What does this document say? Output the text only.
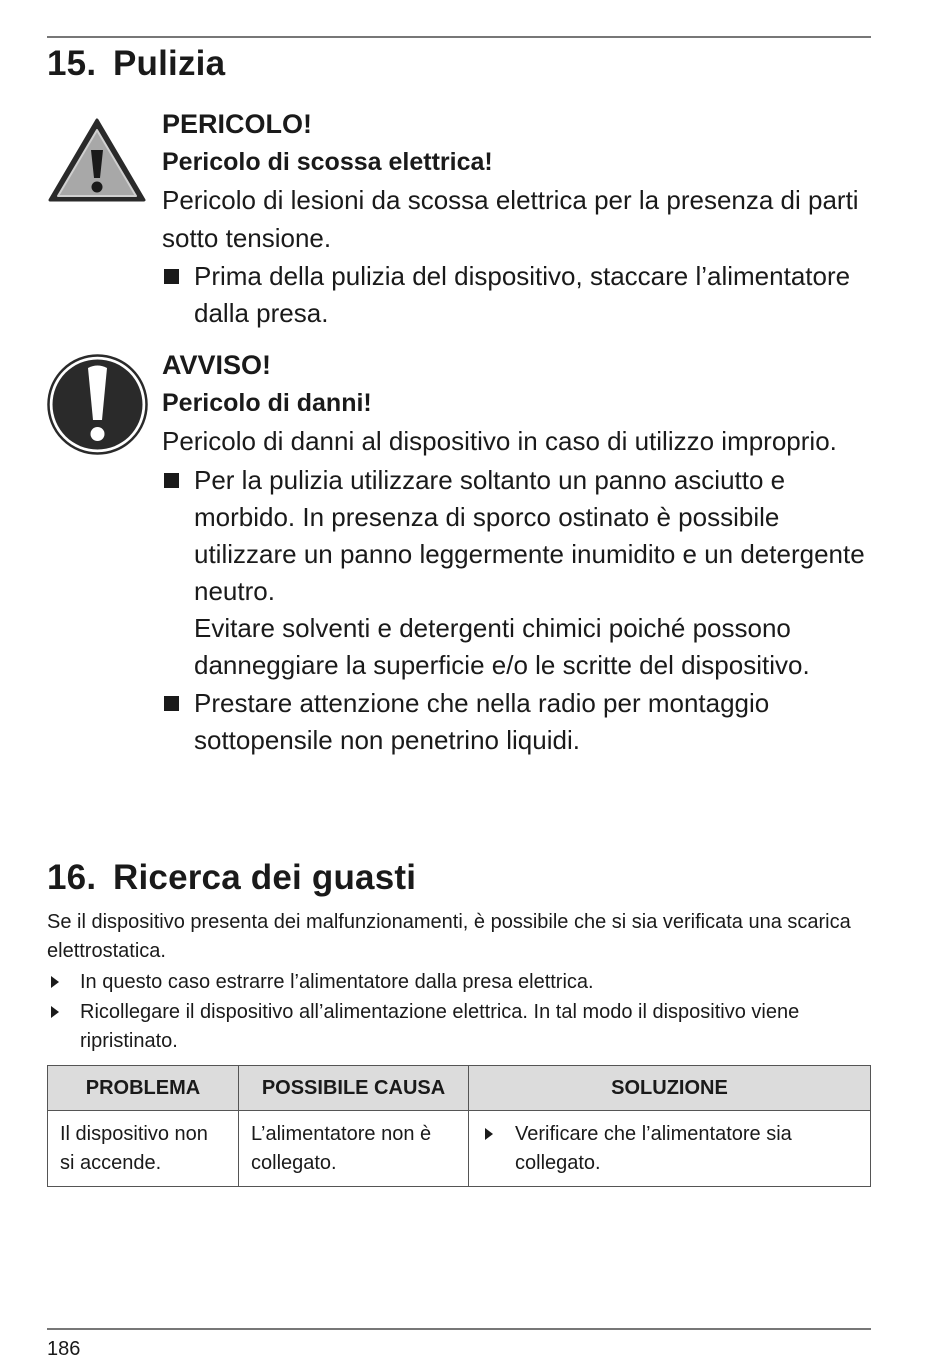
15. Pulizia
PERICOLO!
Pericolo di scossa elettrica!
Pericolo di lesioni da scossa elettrica per la presenza di parti sotto tensione.
Prima della pulizia del dispositivo, staccare l’alimentatore dalla presa.
AVVISO!
Pericolo di danni!
Pericolo di danni al dispositivo in caso di utilizzo improprio.
Per la pulizia utilizzare soltanto un panno asciutto e morbido. In presenza di sporco ostinato è possibile utilizzare un panno leggermente inumidito e un detergente neutro.
Evitare solventi e detergenti chimici poiché possono danneggiare la superficie e/o le scritte del dispositivo.
Prestare attenzione che nella radio per montaggio sottopensile non penetrino liquidi.
16. Ricerca dei guasti
Se il dispositivo presenta dei malfunzionamenti, è possibile che si sia verificata una scarica elettrostatica.
In questo caso estrarre l’alimentatore dalla presa elettrica.
Ricollegare il dispositivo all’alimentazione elettrica. In tal modo il dispositivo viene ripristinato.
PROBLEMA	POSSIBILE CAUSA	SOLUZIONE
Il dispositivo non si accende.	L’alimentatore non è collegato.	Verificare che l’alimentatore sia collegato.
186
